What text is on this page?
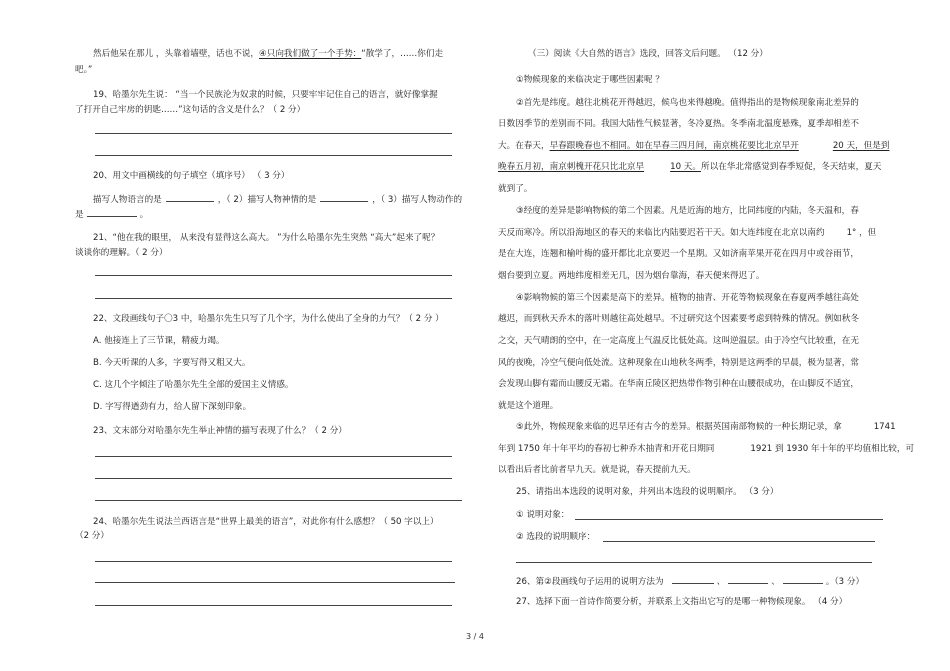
然后他呆在那儿 ，头靠着墙壁，话也不说，④只向我们做了一个手势：“散学了，……你们走
吧。”
19、哈墨尔先生说： “当一个民族沦为奴隶的时候，只要牢牢记住自己的语言，就好像掌握
了打开自己牢房的钥匙……”这句话的含义是什么？（ 2 分）
20、用文中画横线的句子填空（填序号） （ 3 分）
描写人物语言的是	，（ 2）描写人物神情的是	，（ 3）描写人物动作的
是	。
21、“他在我的眼里， 从来没有显得这么高大。 ”为什么哈墨尔先生突然 “高大”起来了呢？
谈谈你的理解。（ 2 分）
22、文段画线句子〇3 中，哈墨尔先生只写了几个字，为什么使出了全身的力气？（ 2 分 ）
A. 他接连上了三节课，精疲力竭。
B. 今天听课的人多，字要写得又粗又大。
C. 这几个字倾注了哈墨尔先生全部的爱国主义情感。
D. 字写得遒劲有力，给人留下深刻印象。
23、文末部分对哈墨尔先生举止神情的描写表现了什么？（ 2 分）
24、哈墨尔先生说法兰西语言是“世界上最美的语言”，对此你有什么感想？（ 50 字以上）
（2 分）
（三）阅读《大自然的语言》选段，回答文后问题。 （12 分）
①物候现象的来临决定于哪些因素呢 ？
②首先是纬度。越往北桃花开得越迟，候鸟也来得越晚。值得指出的是物候现象南北差异的
日数因季节的差别而不同。我国大陆性气候显著，冬冷夏热。冬季南北温度悬殊，夏季却相差不
大。在春天，早春跟晚春也不相同。如在早春三四月间，南京桃花要比北京早开	20 天，但是到
晚春五月初，南京刺槐开花只比北京早	10 天。所以在华北常感觉到春季短促，冬天结束，夏天
就到了。
③经度的差异是影响物候的第二个因素。凡是近海的地方，比同纬度的内陆，冬天温和，春
天反而寒冷。所以沿海地区的春天的来临比内陆要迟若干天。如大连纬度在北京以南约	1° ，但
是在大连，连翘和榆叶梅的盛开都比北京要迟一个星期。又如济南苹果开花在四月中或谷雨节，
烟台要到立夏。两地纬度相差无几，因为烟台靠海，春天便来得迟了。
④影响物候的第三个因素是高下的差异。植物的抽青、开花等物候现象在春夏两季越往高处
越迟，而到秋天乔木的落叶则越往高处越早。不过研究这个因素要考虑到特殊的情况。例如秋冬
之交，天气晴朗的空中，在一定高度上气温反比低处高。这叫逆温层。由于冷空气比较重，在无
风的夜晚，冷空气便向低处流。这种现象在山地秋冬两季，特别是这两季的早晨，极为显著，常
会发现山脚有霜而山腰反无霜。在华南丘陵区把热带作物引种在山腰很成功，在山脚反不适宜，
就是这个道理。
⑤此外，物候现象来临的迟早还有古今的差异。根据英国南部物候的一种长期记录，拿	1741
年到 1750 年十年平均的春初七种乔木抽青和开花日期同	1921 到 1930 年十年的平均值相比较，可
以看出后者比前者早九天。就是说，春天提前九天。
25、请指出本选段的说明对象，并列出本选段的说明顺序。 （3 分）
① 说明对象：
② 选段的说明顺序：
26、第②段画线句子运用的说明方法为	、	、	。（3 分）
27、选择下面一首诗作简要分析，并联系上文指出它写的是哪一种物候现象。 （4 分）
3 / 4
